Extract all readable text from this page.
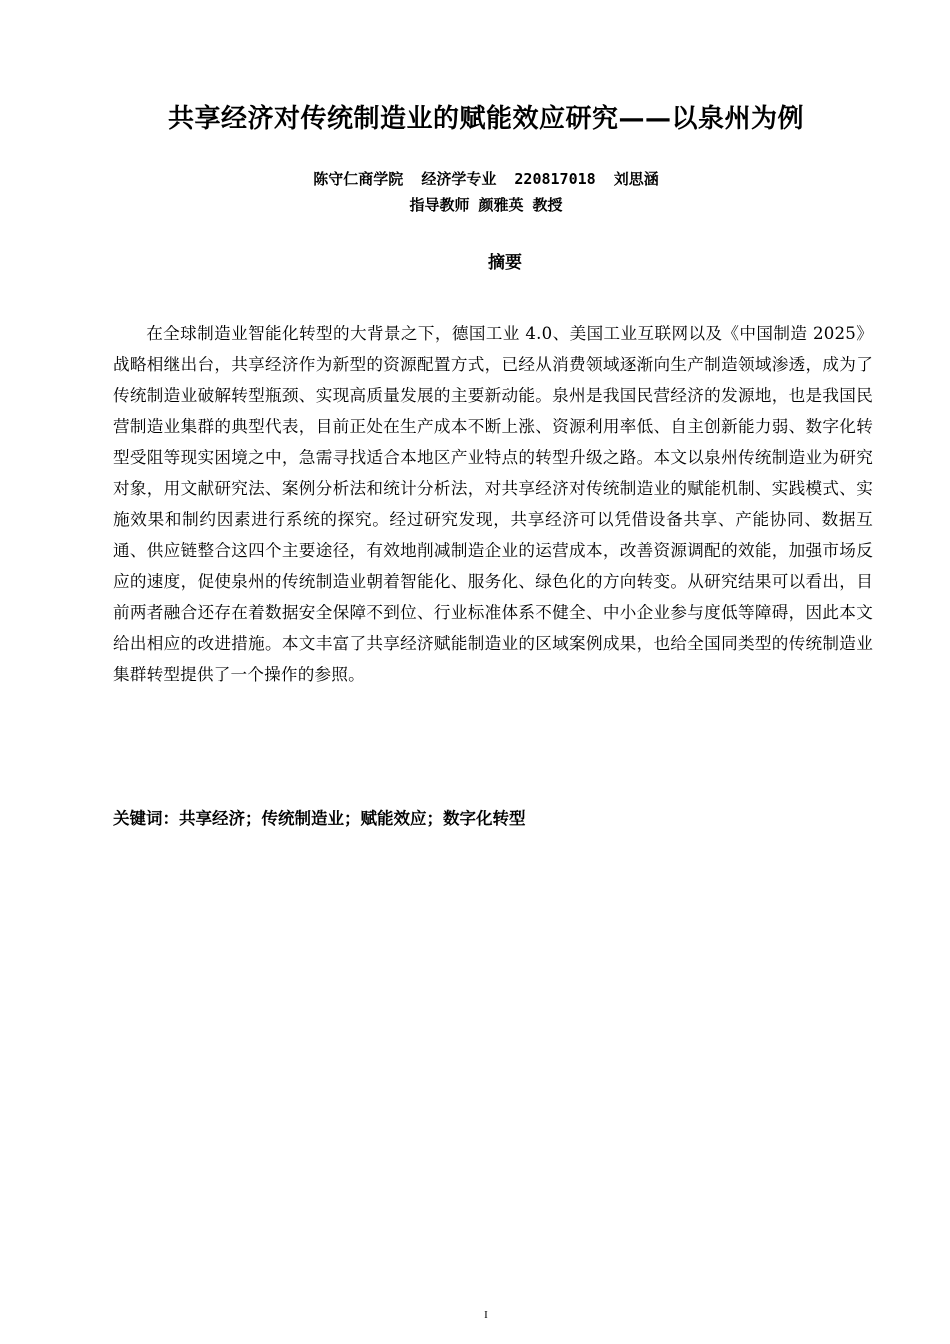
共享经济对传统制造业的赋能效应研究——以泉州为例
陈守仁商学院  经济学专业  220817018  刘思涵
指导教师 颜雅英 教授
摘要
在全球制造业智能化转型的大背景之下，德国工业 4.0、美国工业互联网以及《中国制造 2025》战略相继出台，共享经济作为新型的资源配置方式，已经从消费领域逐渐向生产制造领域渗透，成为了传统制造业破解转型瓶颈、实现高质量发展的主要新动能。泉州是我国民营经济的发源地，也是我国民营制造业集群的典型代表，目前正处在生产成本不断上涨、资源利用率低、自主创新能力弱、数字化转型受阻等现实困境之中，急需寻找适合本地区产业特点的转型升级之路。本文以泉州传统制造业为研究对象，用文献研究法、案例分析法和统计分析法，对共享经济对传统制造业的赋能机制、实践模式、实施效果和制约因素进行系统的探究。经过研究发现，共享经济可以凭借设备共享、产能协同、数据互通、供应链整合这四个主要途径，有效地削减制造企业的运营成本，改善资源调配的效能，加强市场反应的速度，促使泉州的传统制造业朝着智能化、服务化、绿色化的方向转变。从研究结果可以看出，目前两者融合还存在着数据安全保障不到位、行业标准体系不健全、中小企业参与度低等障碍，因此本文给出相应的改进措施。本文丰富了共享经济赋能制造业的区域案例成果，也给全国同类型的传统制造业集群转型提供了一个操作的参照。
关键词：共享经济；传统制造业；赋能效应；数字化转型
I
